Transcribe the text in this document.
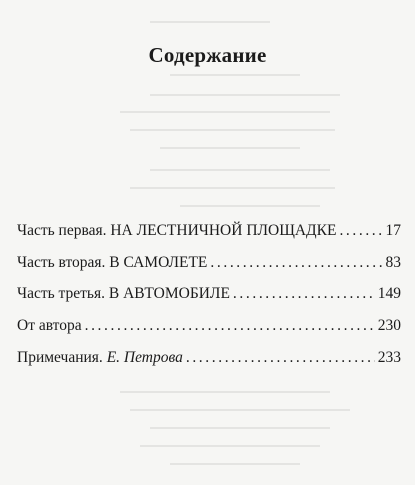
Содержание
Часть первая. НА ЛЕСТНИЧНОЙ ПЛОЩАДКЕ .....	17
Часть вторая. В САМОЛЕТЕ .....	83
Часть третья. В АВТОМОБИЛЕ .....	149
От автора .....	230
Примечания. Е. Петрова .....	233
